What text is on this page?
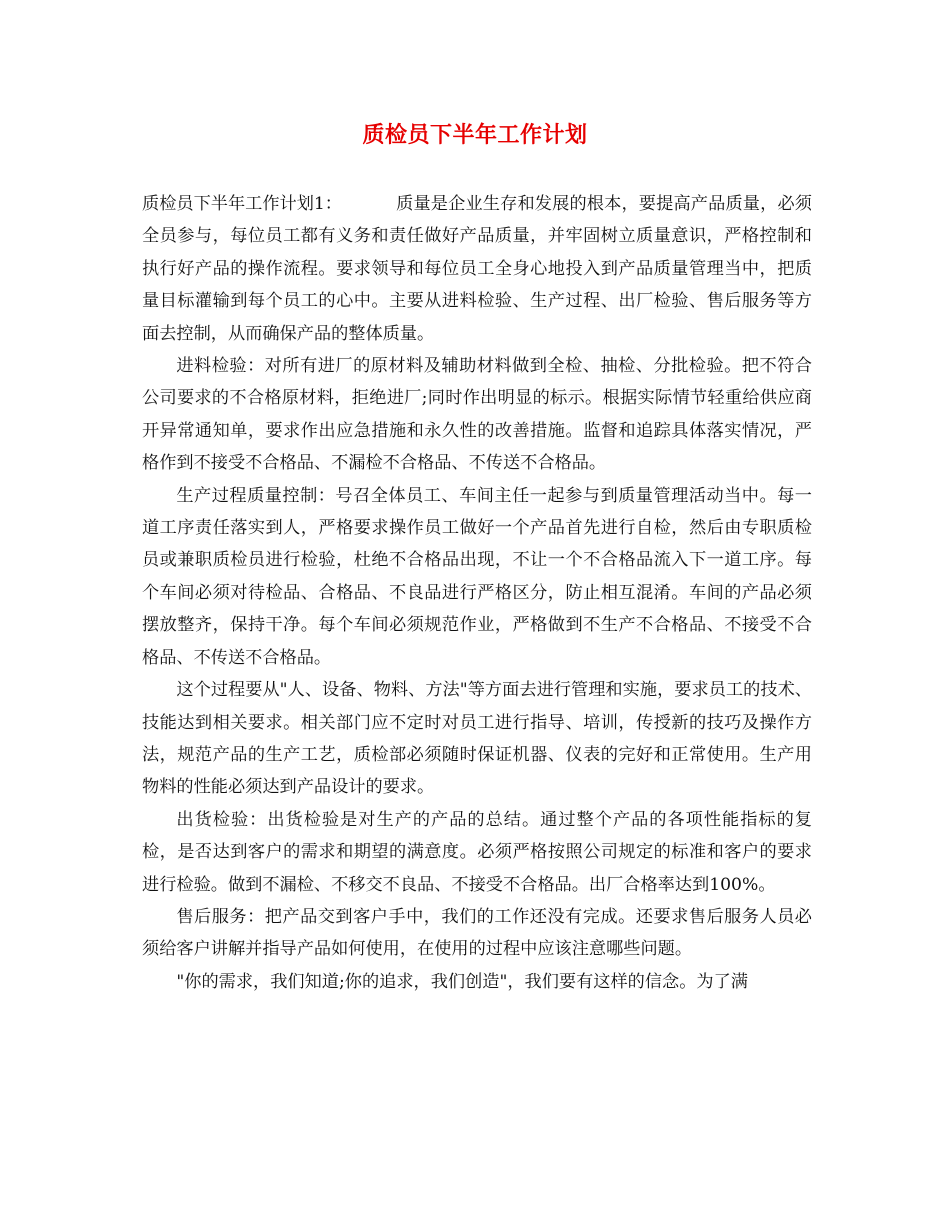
质检员下半年工作计划

质检员下半年工作计划1：	质量是企业生存和发展的根本，要提高产品质量，必须全员参与，每位员工都有义务和责任做好产品质量，并牢固树立质量意识，严格控制和执行好产品的操作流程。要求领导和每位员工全身心地投入到产品质量管理当中，把质量目标灌输到每个员工的心中。主要从进料检验、生产过程、出厂检验、售后服务等方面去控制，从而确保产品的整体质量。

进料检验：对所有进厂的原材料及辅助材料做到全检、抽检、分批检验。把不符合公司要求的不合格原材料，拒绝进厂;同时作出明显的标示。根据实际情节轻重给供应商开异常通知单，要求作出应急措施和永久性的改善措施。监督和追踪具体落实情况，严格作到不接受不合格品、不漏检不合格品、不传送不合格品。

生产过程质量控制：号召全体员工、车间主任一起参与到质量管理活动当中。每一道工序责任落实到人，严格要求操作员工做好一个产品首先进行自检，然后由专职质检员或兼职质检员进行检验，杜绝不合格品出现，不让一个不合格品流入下一道工序。每个车间必须对待检品、合格品、不良品进行严格区分，防止相互混淆。车间的产品必须摆放整齐，保持干净。每个车间必须规范作业，严格做到不生产不合格品、不接受不合格品、不传送不合格品。

这个过程要从"人、设备、物料、方法"等方面去进行管理和实施，要求员工的技术、技能达到相关要求。相关部门应不定时对员工进行指导、培训，传授新的技巧及操作方法，规范产品的生产工艺，质检部必须随时保证机器、仪表的完好和正常使用。生产用物料的性能必须达到产品设计的要求。

出货检验：出货检验是对生产的产品的总结。通过整个产品的各项性能指标的复检，是否达到客户的需求和期望的满意度。必须严格按照公司规定的标准和客户的要求进行检验。做到不漏检、不移交不良品、不接受不合格品。出厂合格率达到100%。

售后服务：把产品交到客户手中，我们的工作还没有完成。还要求售后服务人员必须给客户讲解并指导产品如何使用，在使用的过程中应该注意哪些问题。

"你的需求，我们知道;你的追求，我们创造"，我们要有这样的信念。为了满
